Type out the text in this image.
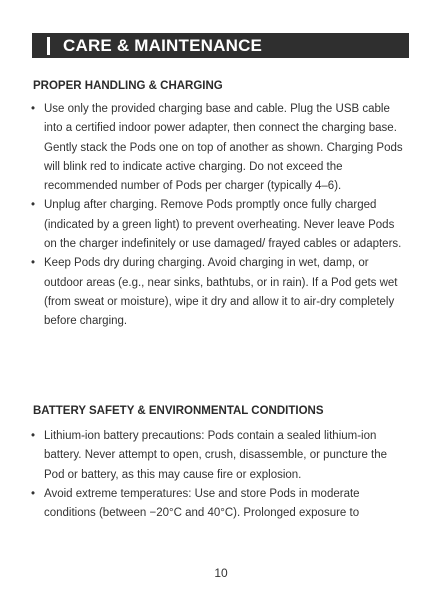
CARE & MAINTENANCE
PROPER HANDLING & CHARGING
• Use only the provided charging base and cable. Plug the USB cable into a certified indoor power adapter, then connect the charging base. Gently stack the Pods one on top of another as shown. Charging Pods will blink red to indicate active charging. Do not exceed the recommended number of Pods per charger (typically 4–6).
• Unplug after charging. Remove Pods promptly once fully charged (indicated by a green light) to prevent overheating. Never leave Pods on the charger indefinitely or use damaged/ frayed cables or adapters.
• Keep Pods dry during charging. Avoid charging in wet, damp, or outdoor areas (e.g., near sinks, bathtubs, or in rain). If a Pod gets wet (from sweat or moisture), wipe it dry and allow it to air-dry completely before charging.
BATTERY SAFETY & ENVIRONMENTAL CONDITIONS
• Lithium-ion battery precautions: Pods contain a sealed lithium-ion battery. Never attempt to open, crush, disassemble, or puncture the Pod or battery, as this may cause fire or explosion.
• Avoid extreme temperatures: Use and store Pods in moderate conditions (between −20°C and 40°C). Prolonged exposure to
10
